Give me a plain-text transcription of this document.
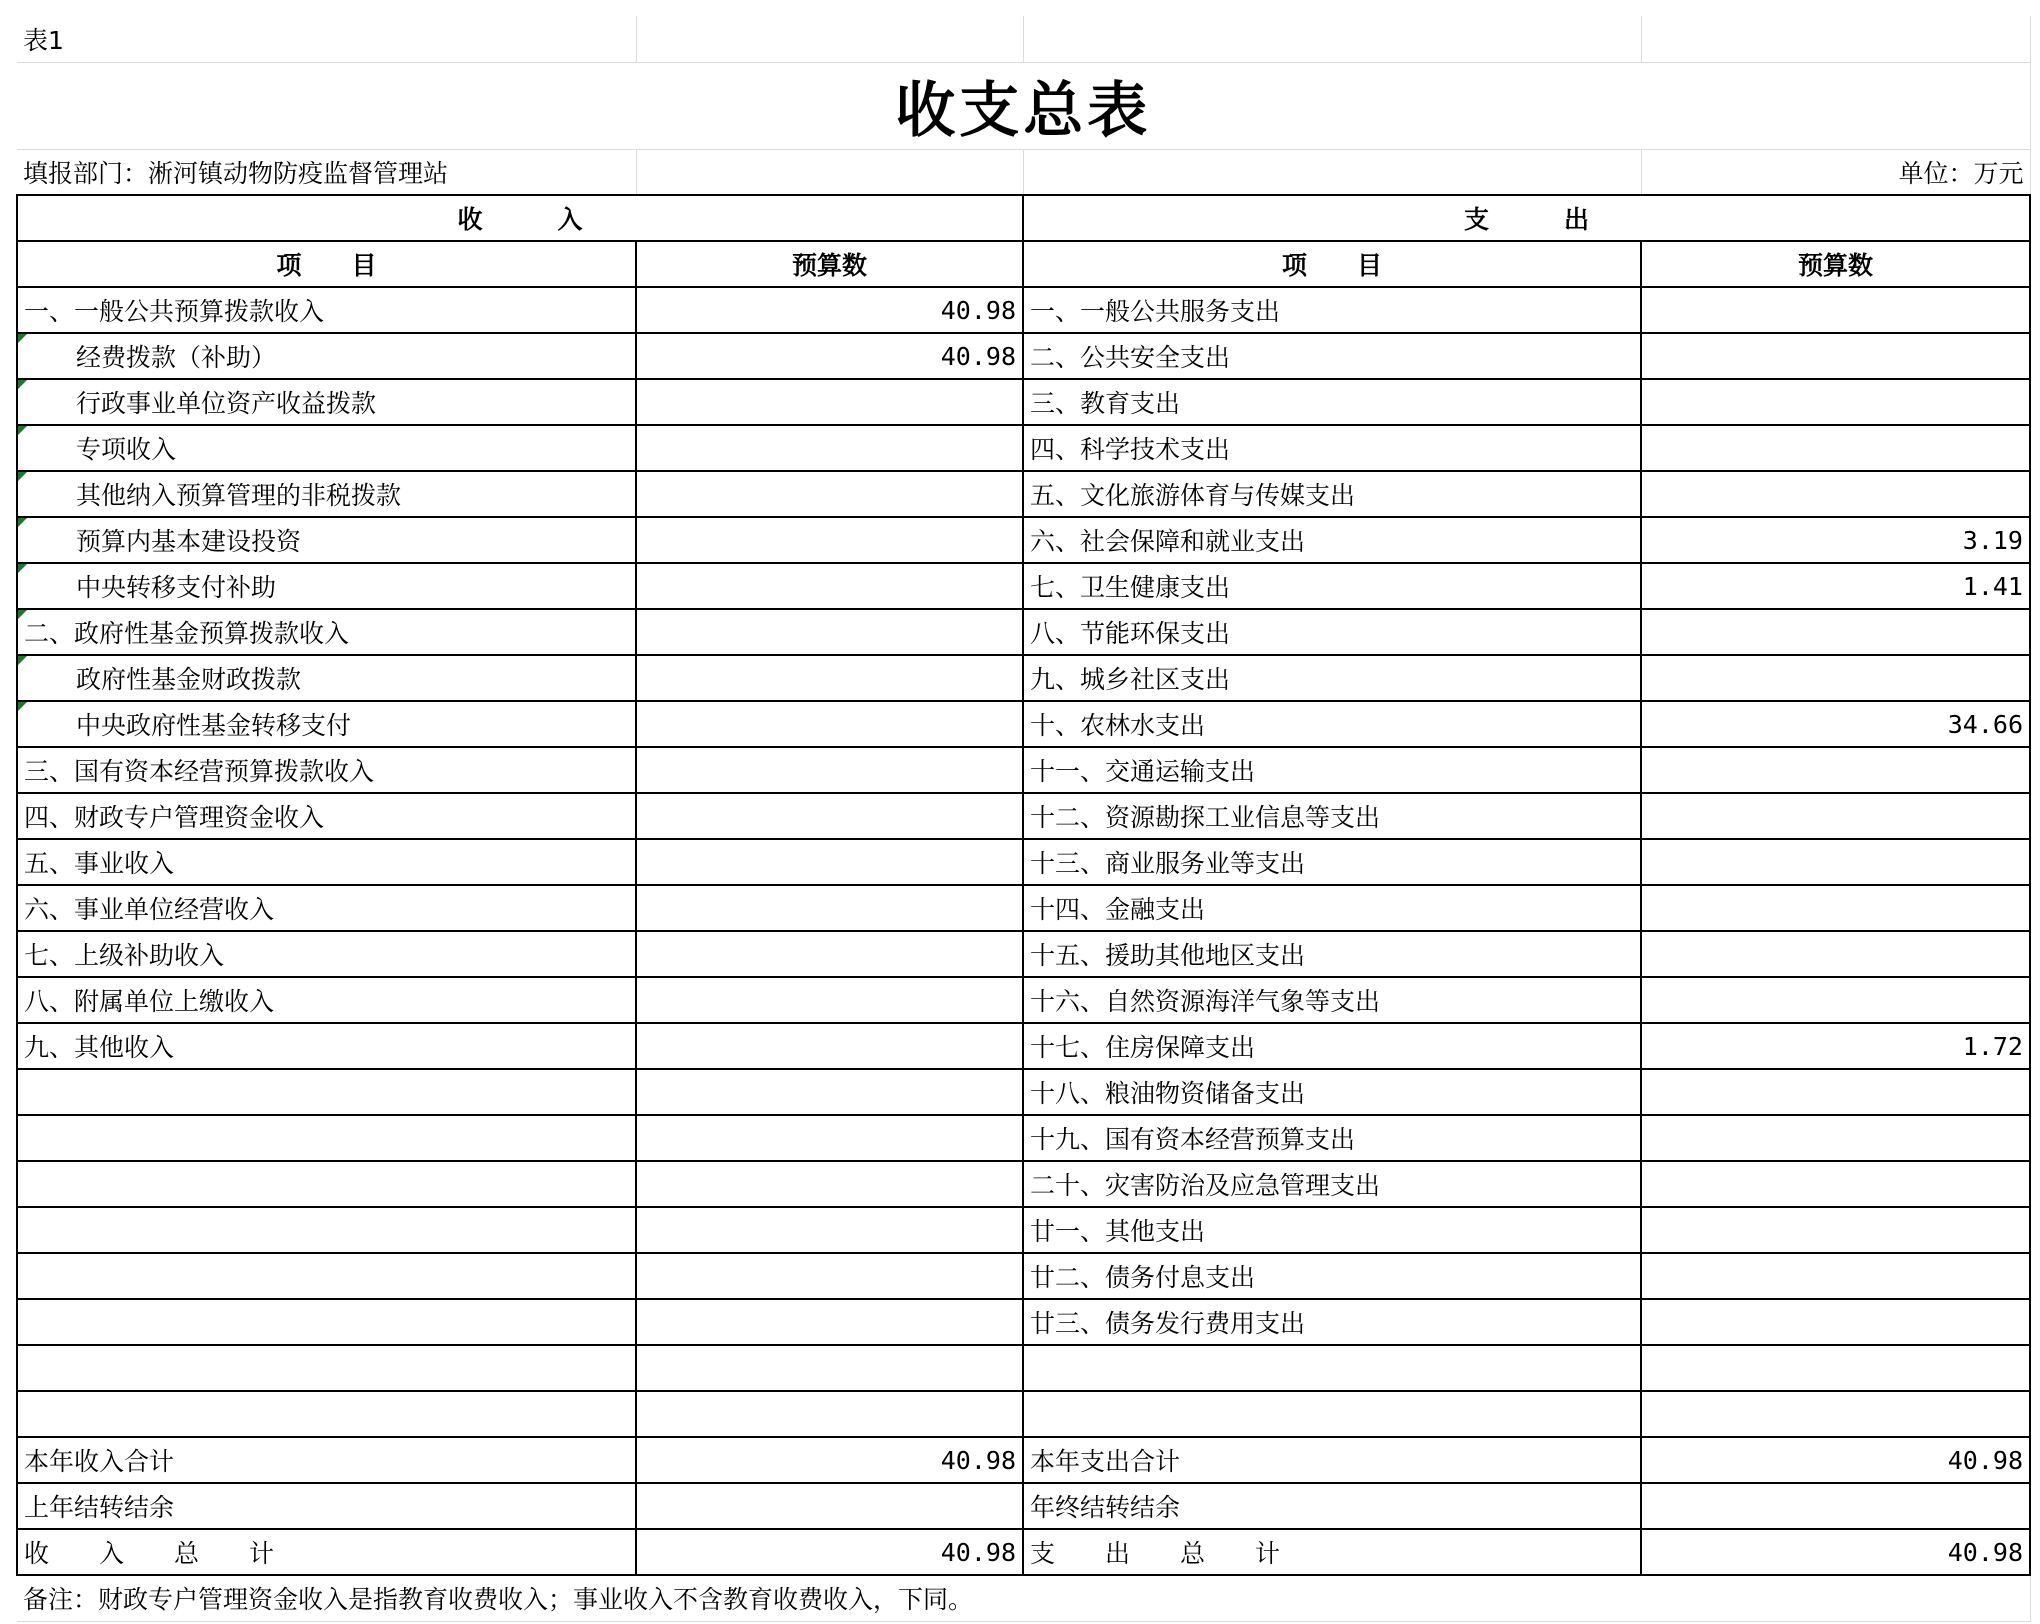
表1			
收支总表			
填报部门：淅河镇动物防疫监督管理站			单位：万元
收　　　入		支　　　出	
项　　目	预算数	项　　目	预算数
一、一般公共预算拨款收入	40.98	一、一般公共服务支出	
经费拨款（补助）	40.98	二、公共安全支出	
行政事业单位资产收益拨款		三、教育支出	
专项收入		四、科学技术支出	
其他纳入预算管理的非税拨款		五、文化旅游体育与传媒支出	
预算内基本建设投资		六、社会保障和就业支出	3.19
中央转移支付补助		七、卫生健康支出	1.41
二、政府性基金预算拨款收入		八、节能环保支出	
政府性基金财政拨款		九、城乡社区支出	
中央政府性基金转移支付		十、农林水支出	34.66
三、国有资本经营预算拨款收入		十一、交通运输支出	
四、财政专户管理资金收入		十二、资源勘探工业信息等支出	
五、事业收入		十三、商业服务业等支出	
六、事业单位经营收入		十四、金融支出	
七、上级补助收入		十五、援助其他地区支出	
八、附属单位上缴收入		十六、自然资源海洋气象等支出	
九、其他收入		十七、住房保障支出	1.72
		十八、粮油物资储备支出	
		十九、国有资本经营预算支出	
		二十、灾害防治及应急管理支出	
		廿一、其他支出	
		廿二、债务付息支出	
		廿三、债务发行费用支出	

本年收入合计	40.98	本年支出合计	40.98
上年结转结余		年终结转结余	
收　　入　　总　　计	40.98	支　　出　　总　　计	40.98
备注：财政专户管理资金收入是指教育收费收入；事业收入不含教育收费收入，下同。			
